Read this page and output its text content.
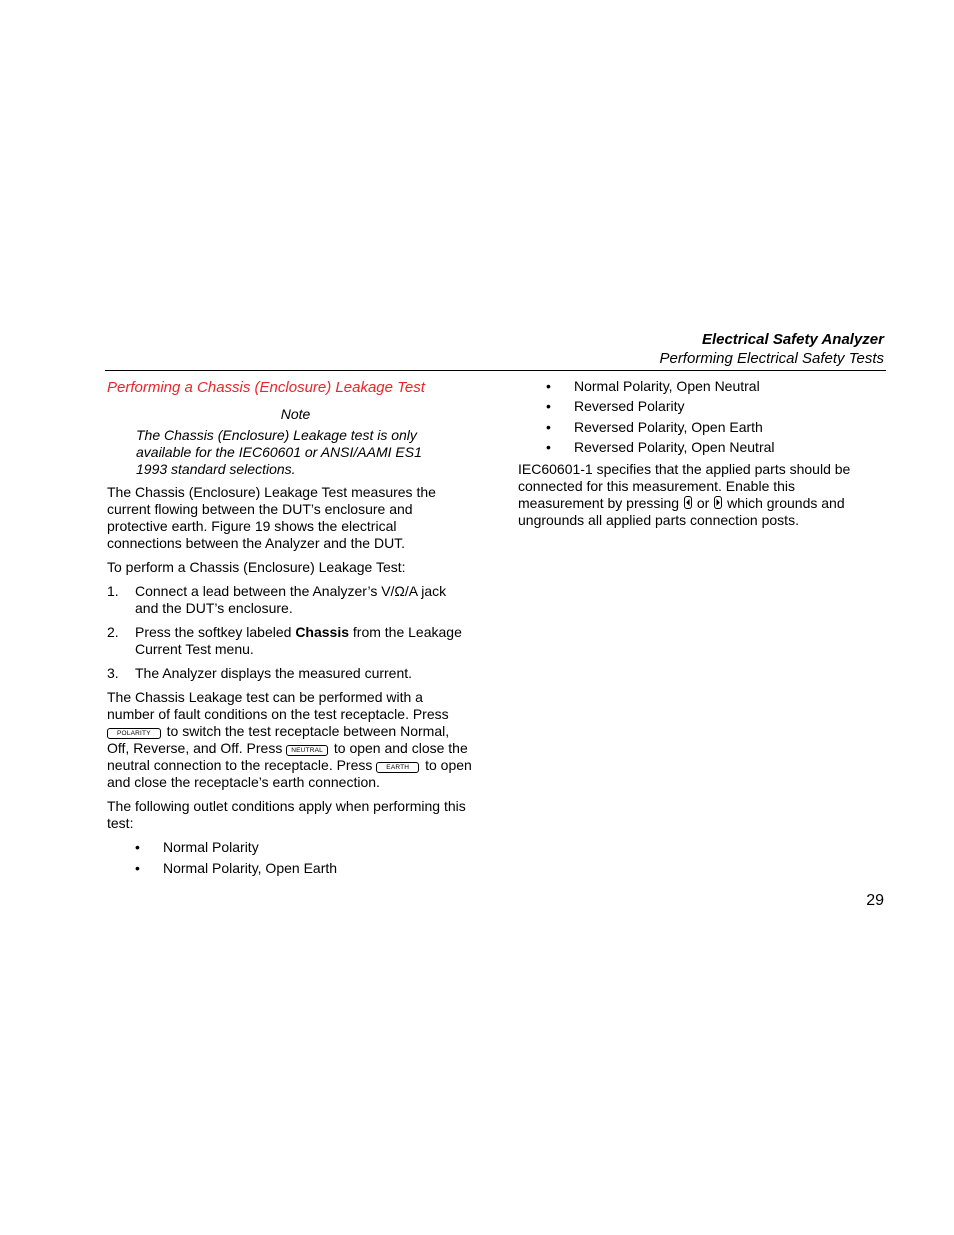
Electrical Safety Analyzer
Performing Electrical Safety Tests
Performing a Chassis (Enclosure) Leakage Test
Note
The Chassis (Enclosure) Leakage test is only available for the IEC60601 or ANSI/AAMI ES1 1993 standard selections.

The Chassis (Enclosure) Leakage Test measures the current flowing between the DUT’s enclosure and protective earth. Figure 19 shows the electrical connections between the Analyzer and the DUT.

To perform a Chassis (Enclosure) Leakage Test:

1. Connect a lead between the Analyzer’s V/Ω/A jack and the DUT’s enclosure.
2. Press the softkey labeled Chassis from the Leakage Current Test menu.
3. The Analyzer displays the measured current.

The Chassis Leakage test can be performed with a number of fault conditions on the test receptacle. Press POLARITY to switch the test receptacle between Normal, Off, Reverse, and Off. Press NEUTRAL to open and close the neutral connection to the receptacle. Press EARTH to open and close the receptacle’s earth connection.

The following outlet conditions apply when performing this test:

• Normal Polarity
• Normal Polarity, Open Earth
• Normal Polarity, Open Neutral
• Reversed Polarity
• Reversed Polarity, Open Earth
• Reversed Polarity, Open Neutral

IEC60601-1 specifies that the applied parts should be connected for this measurement. Enable this measurement by pressing
or
which grounds and ungrounds all applied parts connection posts.

29
